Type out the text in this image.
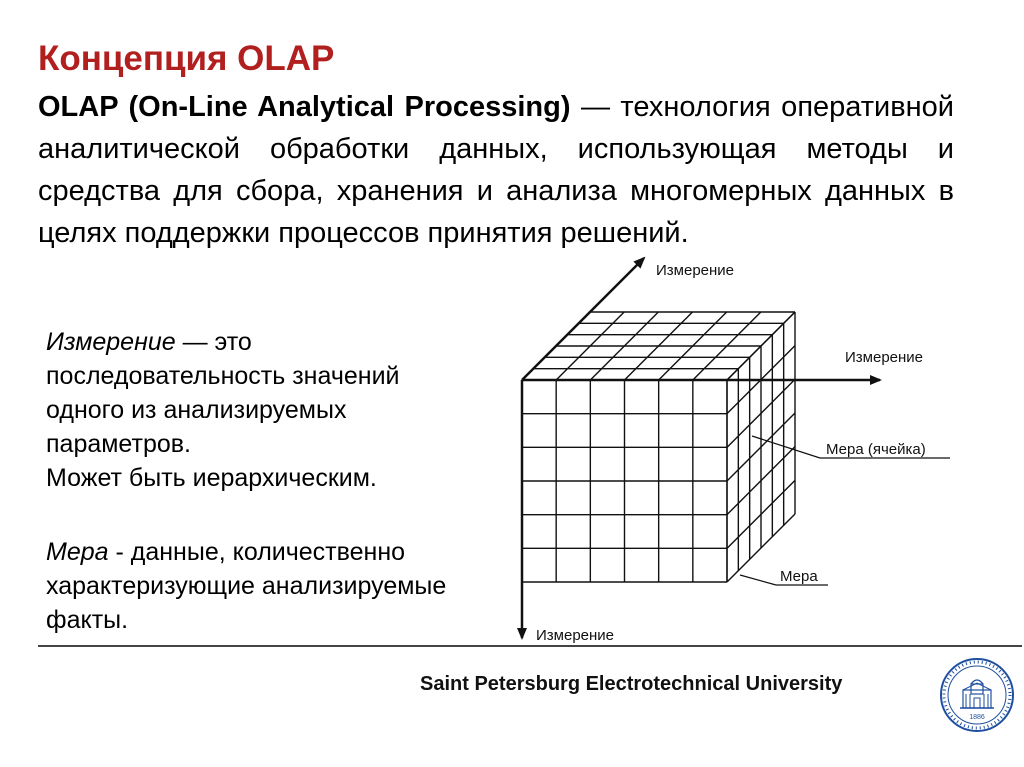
Концепция OLAP

OLAP (On-Line Analytical Processing) — технология оперативной аналитической обработки данных, использующая методы и средства для сбора, хранения и анализа многомерных данных в целях поддержки процессов принятия решений.

Измерение — это последовательность значений одного из анализируемых параметров.
Может быть иерархическим.
Мера - данные, количественно характеризующие анализируемые факты.
Измерение
Измерение
Мера (ячейка)
Мера
Измерение

Saint Petersburg Electrotechnical University

1886
